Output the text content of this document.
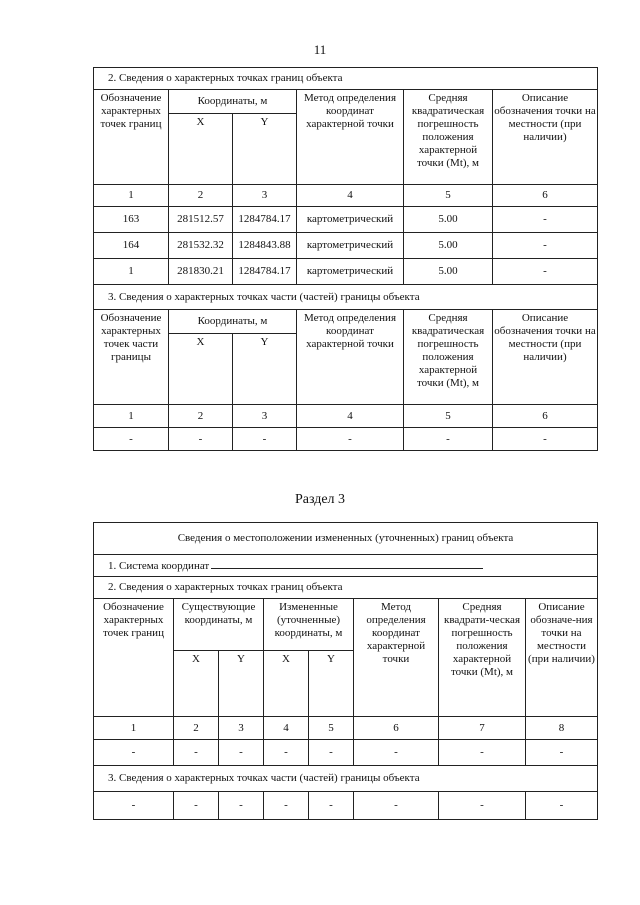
11
2. Сведения о характерных точках границ объекта					
Обозначение характерных точек границ	Координаты, м		Метод определения координат характерной точки	Средняя квадратическая погрешность положения характерной точки (Mt), м	Описание обозначения точки на местности (при наличии)
	X	Y			
1	2	3	4	5	6
163	281512.57	1284784.17	картометрический	5.00	-
164	281532.32	1284843.88	картометрический	5.00	-
1	281830.21	1284784.17	картометрический	5.00	-
3. Сведения о характерных точках части (частей) границы объекта					
Обозначение характерных точек части границы	Координаты, м		Метод определения координат характерной точки	Средняя квадратическая погрешность положения характерной точки (Mt), м	Описание обозначения точки на местности (при наличии)
	X	Y			
1	2	3	4	5	6
-	-	-	-	-	-
Раздел 3
Сведения о местоположении измененных (уточненных) границ объекта							
1. Система координат							
2. Сведения о характерных точках границ объекта							
Обозначение характерных точек границ	Существующие координаты, м		Измененные (уточненные) координаты, м		Метод определения координат характерной точки	Средняя квадрати-ческая погрешность положения характерной точки (Mt), м	Описание обозначе-ния точки на местности (при наличии)
	X	Y	X	Y			
1	2	3	4	5	6	7	8
-	-	-	-	-	-	-	-
3. Сведения о характерных точках части (частей) границы объекта							
-	-	-	-	-	-	-	-
